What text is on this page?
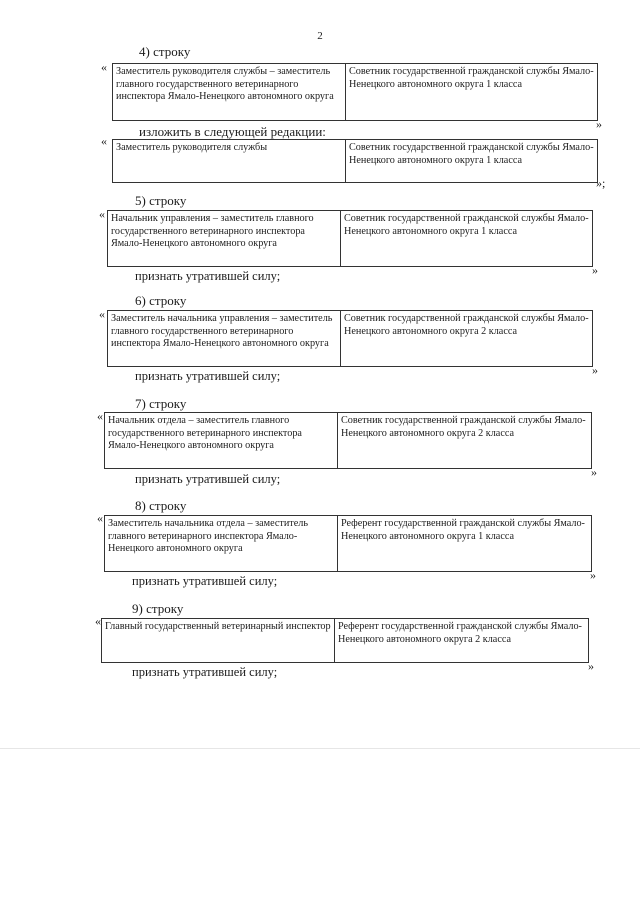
2
4) строку
« Заместитель руководителя службы – заместитель главного государственного ветеринарного инспектора Ямало-Ненецкого автономного округа	Советник государственной гражданской службы Ямало-Ненецкого автономного округа 1 класса
»
изложить в следующей редакции:
« Заместитель руководителя службы	Советник государственной гражданской службы Ямало-Ненецкого автономного округа 1 класса
»;
5) строку
« Начальник управления – заместитель главного государственного ветеринарного инспектора Ямало-Ненецкого автономного округа	Советник государственной гражданской службы Ямало-Ненецкого автономного округа 1 класса
»
признать утратившей силу;
6) строку
« Заместитель начальника управления – заместитель главного государственного ветеринарного инспектора Ямало-Ненецкого автономного округа	Советник государственной гражданской службы Ямало-Ненецкого автономного округа 2 класса
»
признать утратившей силу;
7) строку
« Начальник отдела – заместитель главного государственного ветеринарного инспектора Ямало-Ненецкого автономного округа	Советник государственной гражданской службы Ямало-Ненецкого автономного округа 2 класса
»
признать утратившей силу;
8) строку
« Заместитель начальника отдела – заместитель главного ветеринарного инспектора Ямало-Ненецкого автономного округа	Референт государственной гражданской службы Ямало-Ненецкого автономного округа 1 класса
»
признать утратившей силу;
9) строку
« Главный государственный ветеринарный инспектор	Референт государственной гражданской службы Ямало-Ненецкого автономного округа 2 класса
»
признать утратившей силу;
